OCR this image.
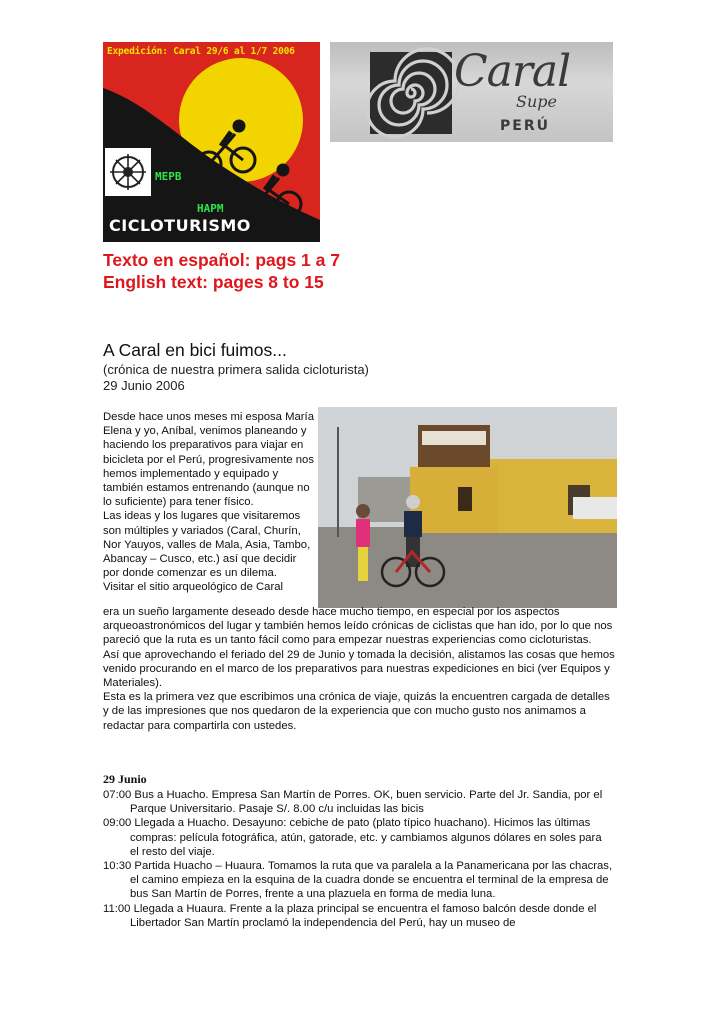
Expedición: Caral 29/6 al 1/7 2006
MEPB
HAPM
CICLOTURISMO
Caral
Supe
PERÚ
Texto en español: pags 1 a 7
English text: pages 8 to 15
A Caral en bici fuimos...
(crónica de nuestra primera salida cicloturista)
29 Junio 2006

Desde hace unos meses mi esposa María Elena y yo, Aníbal, venimos planeando y haciendo los preparativos para viajar en bicicleta por el Perú, progresivamente nos hemos implementado y equipado y también estamos entrenando (aunque no lo suficiente) para tener físico.

Las ideas y los lugares que visitaremos son múltiples y variados (Caral, Churín, Nor Yauyos, valles de Mala, Asia, Tambo, Abancay – Cusco, etc.) así que decidir por donde comenzar es un dilema.

Visitar el sitio arqueológico de Caral

era un sueño largamente deseado desde hace mucho tiempo, en especial por los aspectos arqueoastronómicos del lugar y también hemos leído crónicas de ciclistas que han ido, por lo que nos pareció que la ruta es un tanto fácil como para empezar nuestras experiencias como cicloturistas.

Así que aprovechando el feriado del 29 de Junio y tomada la decisión, alistamos las cosas que hemos venido procurando en el marco de los preparativos para nuestras expediciones en bici (ver Equipos y Materiales).

Esta es la primera vez que escribimos una crónica de viaje, quizás la encuentren cargada de detalles y de las impresiones que nos quedaron de la experiencia que con mucho gusto nos animamos a redactar para compartirla con ustedes.

29 Junio

07:00 Bus a Huacho. Empresa San Martín de Porres. OK, buen servicio. Parte del Jr. Sandia, por el Parque Universitario. Pasaje S/. 8.00 c/u incluidas las bicis

09:00 Llegada a Huacho. Desayuno: cebiche de pato (plato típico huachano). Hicimos las últimas compras: película fotográfica, atún, gatorade, etc. y cambiamos algunos dólares en soles para el resto del viaje.

10:30 Partida Huacho – Huaura. Tomamos la ruta que va paralela a la Panamericana por las chacras, el camino empieza en la esquina de la cuadra donde se encuentra el terminal de la empresa de bus San Martín de Porres, frente a una plazuela en forma de media luna.

11:00 Llegada a Huaura. Frente a la plaza principal se encuentra el famoso balcón desde donde el Libertador San Martín proclamó la independencia del Perú, hay un museo de
